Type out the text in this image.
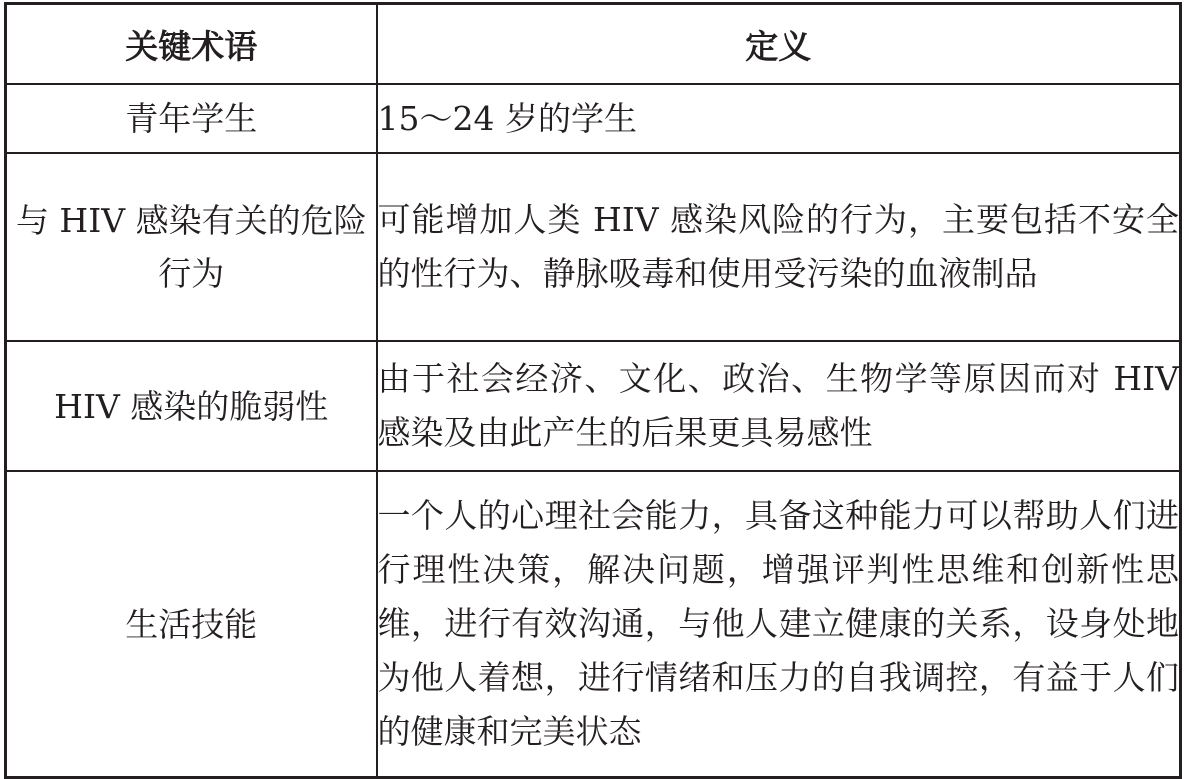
关键术语	定义
青年学生	15～24 岁的学生
与 HIV 感染有关的危险行为	可能增加人类 HIV 感染风险的行为，主要包括不安全的性行为、静脉吸毒和使用受污染的血液制品
HIV 感染的脆弱性	由于社会经济、文化、政治、生物学等原因而对 HIV 感染及由此产生的后果更具易感性
生活技能	一个人的心理社会能力，具备这种能力可以帮助人们进行理性决策，解决问题，增强评判性思维和创新性思维，进行有效沟通，与他人建立健康的关系，设身处地为他人着想，进行情绪和压力的自我调控，有益于人们的健康和完美状态
